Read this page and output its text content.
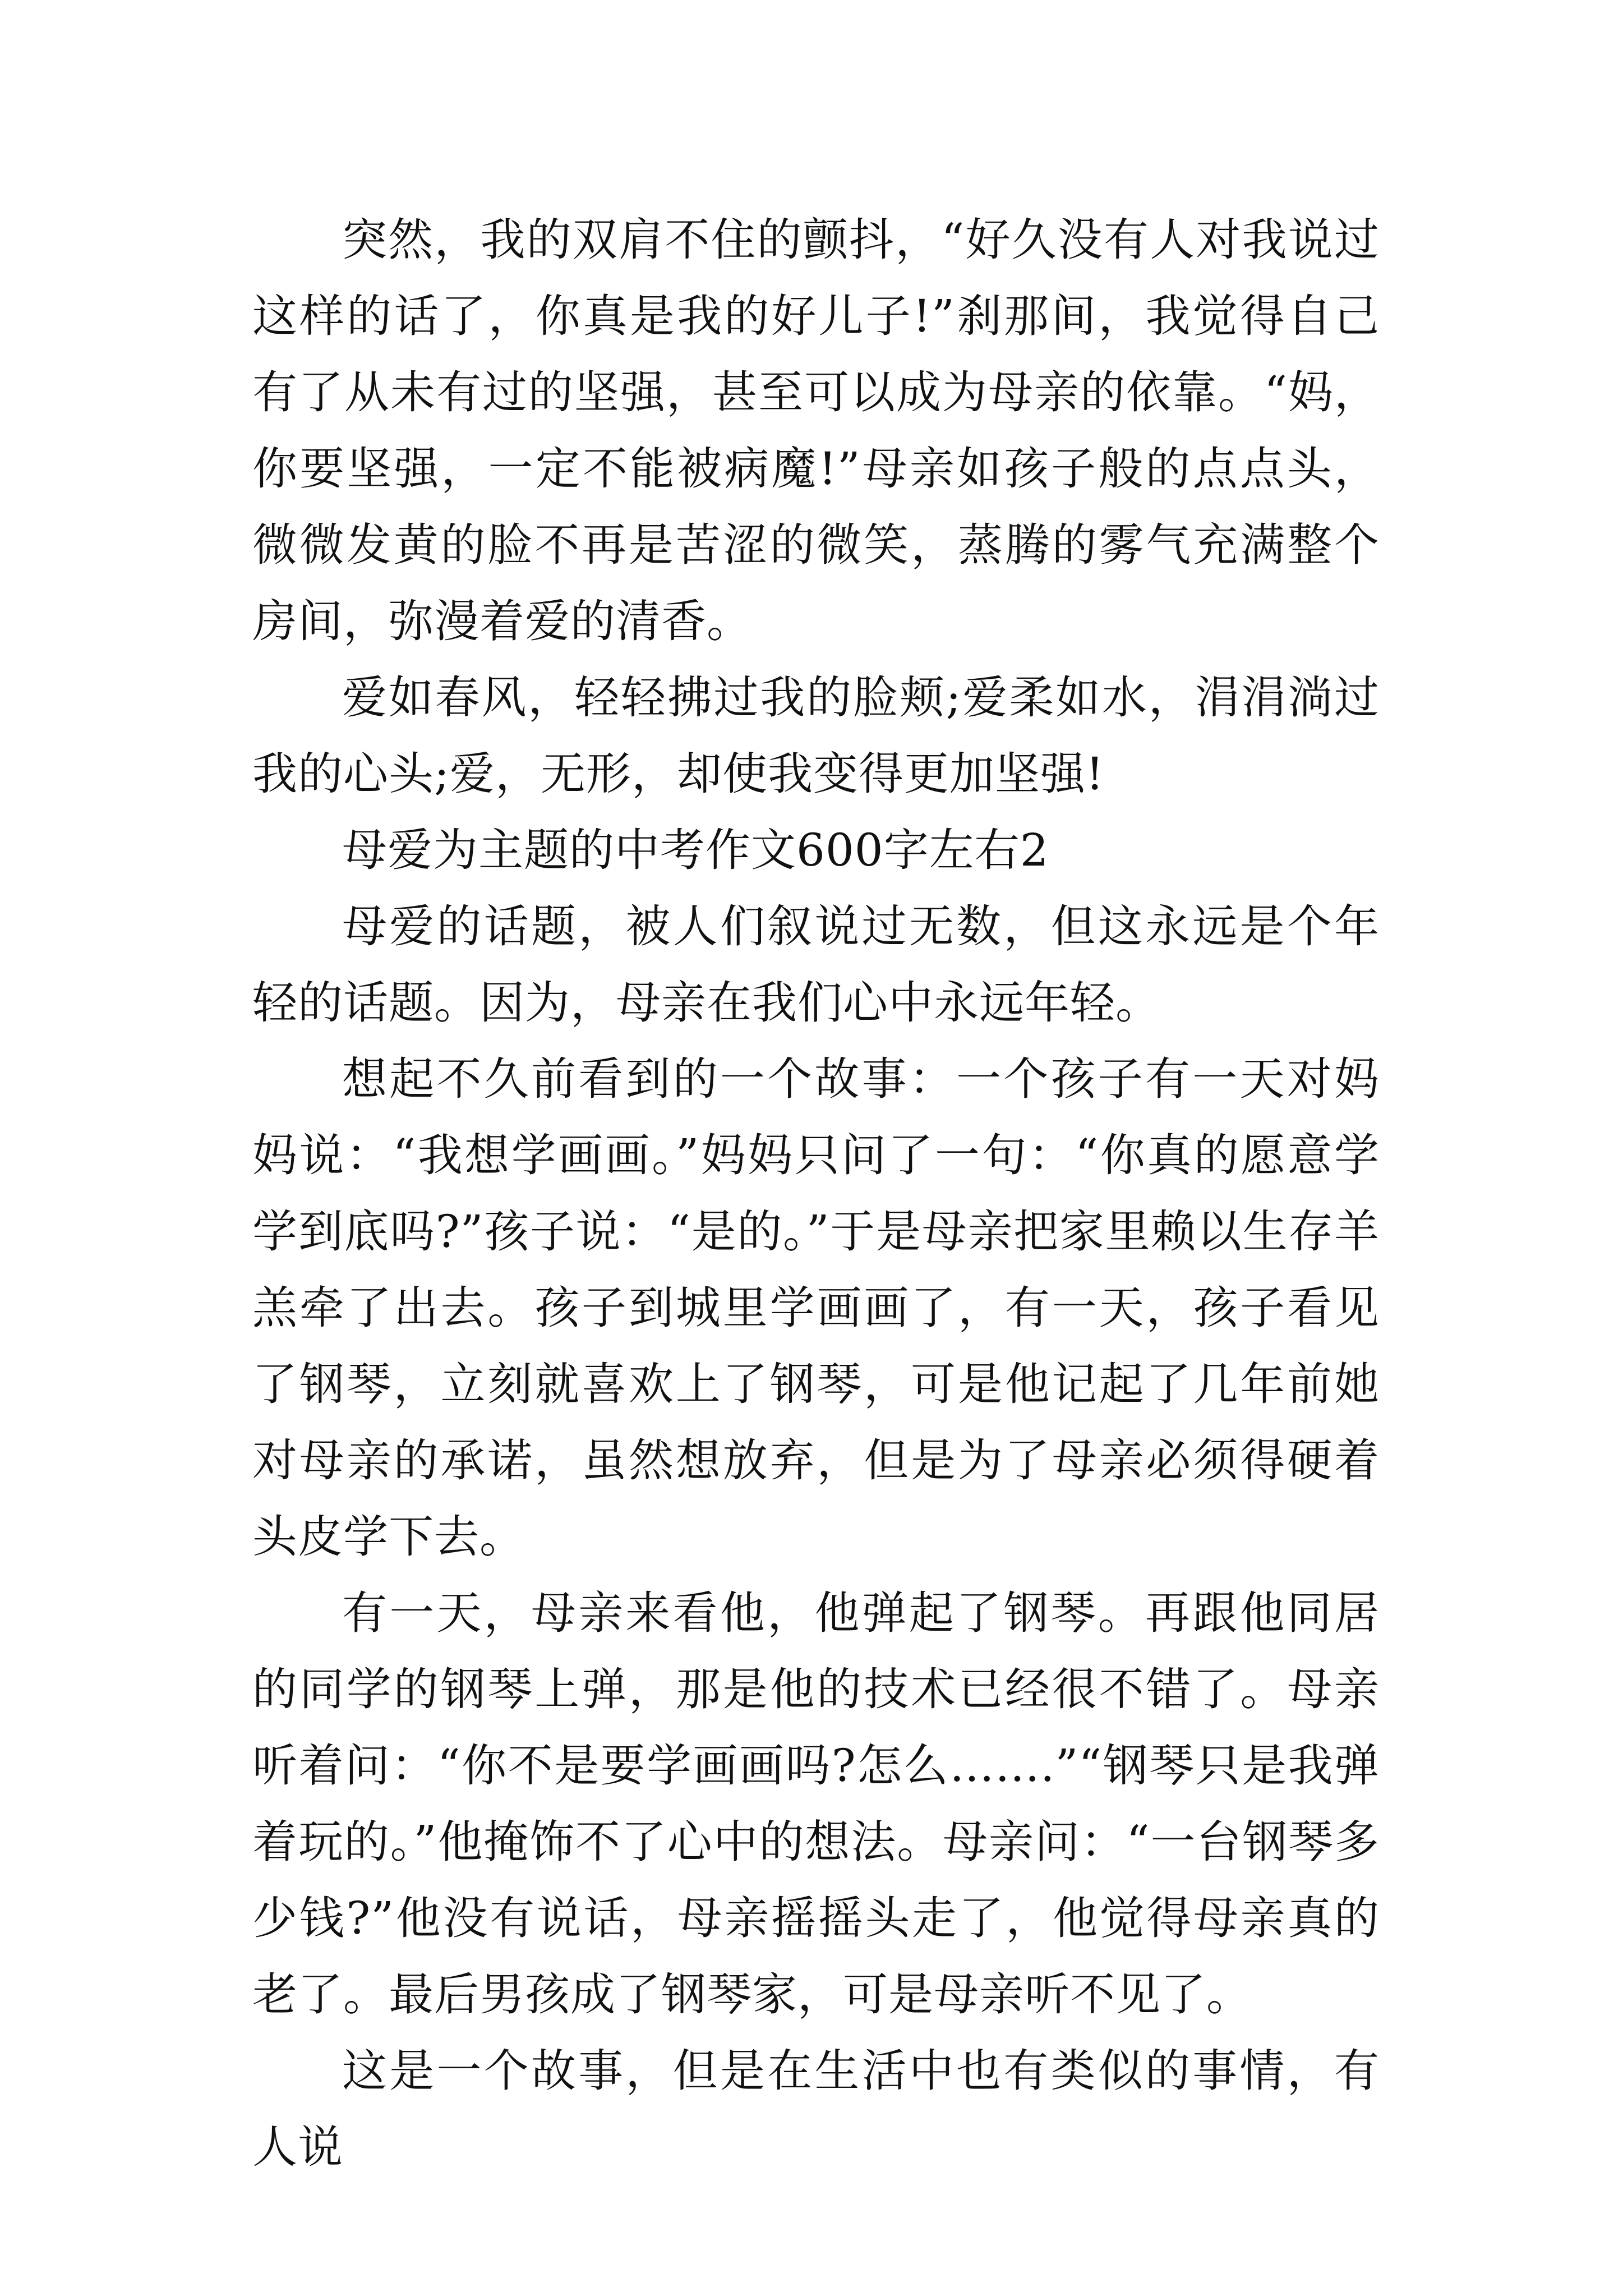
突然，我的双肩不住的颤抖，“好久没有人对我说过这样的话了，你真是我的好儿子!”刹那间，我觉得自己有了从未有过的坚强，甚至可以成为母亲的依靠。“妈，你要坚强，一定不能被病魔!”母亲如孩子般的点点头，微微发黄的脸不再是苦涩的微笑，蒸腾的雾气充满整个房间，弥漫着爱的清香。

爱如春风，轻轻拂过我的脸颊;爱柔如水，涓涓淌过我的心头;爱，无形，却使我变得更加坚强!

母爱为主题的中考作文600字左右2

母爱的话题，被人们叙说过无数，但这永远是个年轻的话题。因为，母亲在我们心中永远年轻。

想起不久前看到的一个故事：一个孩子有一天对妈妈说：“我想学画画。”妈妈只问了一句：“你真的愿意学学到底吗?”孩子说：“是的。”于是母亲把家里赖以生存羊羔牵了出去。孩子到城里学画画了，有一天，孩子看见了钢琴，立刻就喜欢上了钢琴，可是他记起了几年前她对母亲的承诺，虽然想放弃，但是为了母亲必须得硬着头皮学下去。

有一天，母亲来看他，他弹起了钢琴。再跟他同居的同学的钢琴上弹，那是他的技术已经很不错了。母亲听着问：“你不是要学画画吗?怎么…….”“钢琴只是我弹着玩的。”他掩饰不了心中的想法。母亲问：“一台钢琴多少钱?”他没有说话，母亲摇摇头走了，他觉得母亲真的老了。最后男孩成了钢琴家，可是母亲听不见了。

这是一个故事，但是在生活中也有类似的事情，有人说
